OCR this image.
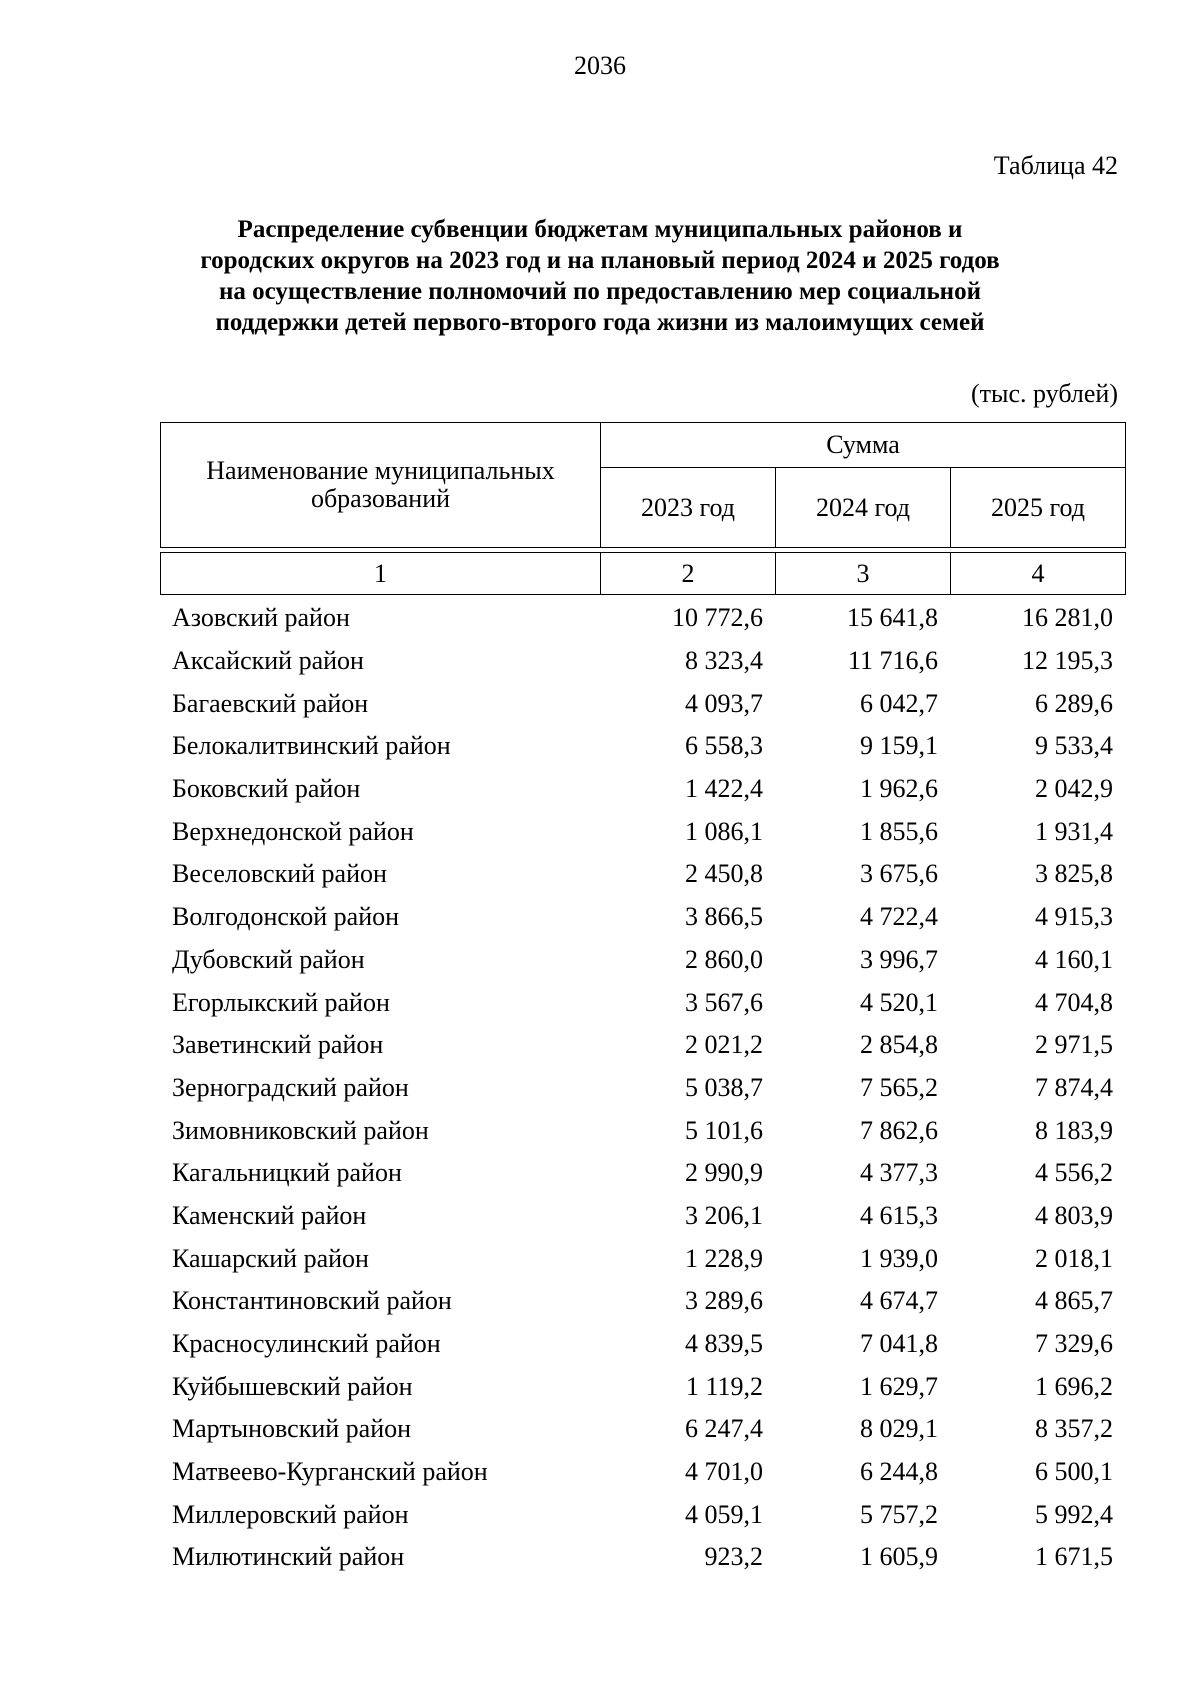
2036
Таблица 42
Распределение субвенции бюджетам муниципальных районов и
городских округов на 2023 год и на плановый период 2024 и 2025 годов
на осуществление полномочий по предоставлению мер социальной
поддержки детей первого-второго года жизни из малоимущих семей
(тыс. рублей)
Наименование муниципальных образований	Сумма		
	2023 год	2024 год	2025 год

1	2	3	4
Азовский район	10 772,6	15 641,8	16 281,0
Аксайский район	8 323,4	11 716,6	12 195,3
Багаевский район	4 093,7	6 042,7	6 289,6
Белокалитвинский район	6 558,3	9 159,1	9 533,4
Боковский район	1 422,4	1 962,6	2 042,9
Верхнедонской район	1 086,1	1 855,6	1 931,4
Веселовский район	2 450,8	3 675,6	3 825,8
Волгодонской район	3 866,5	4 722,4	4 915,3
Дубовский район	2 860,0	3 996,7	4 160,1
Егорлыкский район	3 567,6	4 520,1	4 704,8
Заветинский район	2 021,2	2 854,8	2 971,5
Зерноградский район	5 038,7	7 565,2	7 874,4
Зимовниковский район	5 101,6	7 862,6	8 183,9
Кагальницкий район	2 990,9	4 377,3	4 556,2
Каменский район	3 206,1	4 615,3	4 803,9
Кашарский район	1 228,9	1 939,0	2 018,1
Константиновский район	3 289,6	4 674,7	4 865,7
Красносулинский район	4 839,5	7 041,8	7 329,6
Куйбышевский район	1 119,2	1 629,7	1 696,2
Мартыновский район	6 247,4	8 029,1	8 357,2
Матвеево-Курганский район	4 701,0	6 244,8	6 500,1
Миллеровский район	4 059,1	5 757,2	5 992,4
Милютинский район	923,2	1 605,9	1 671,5
